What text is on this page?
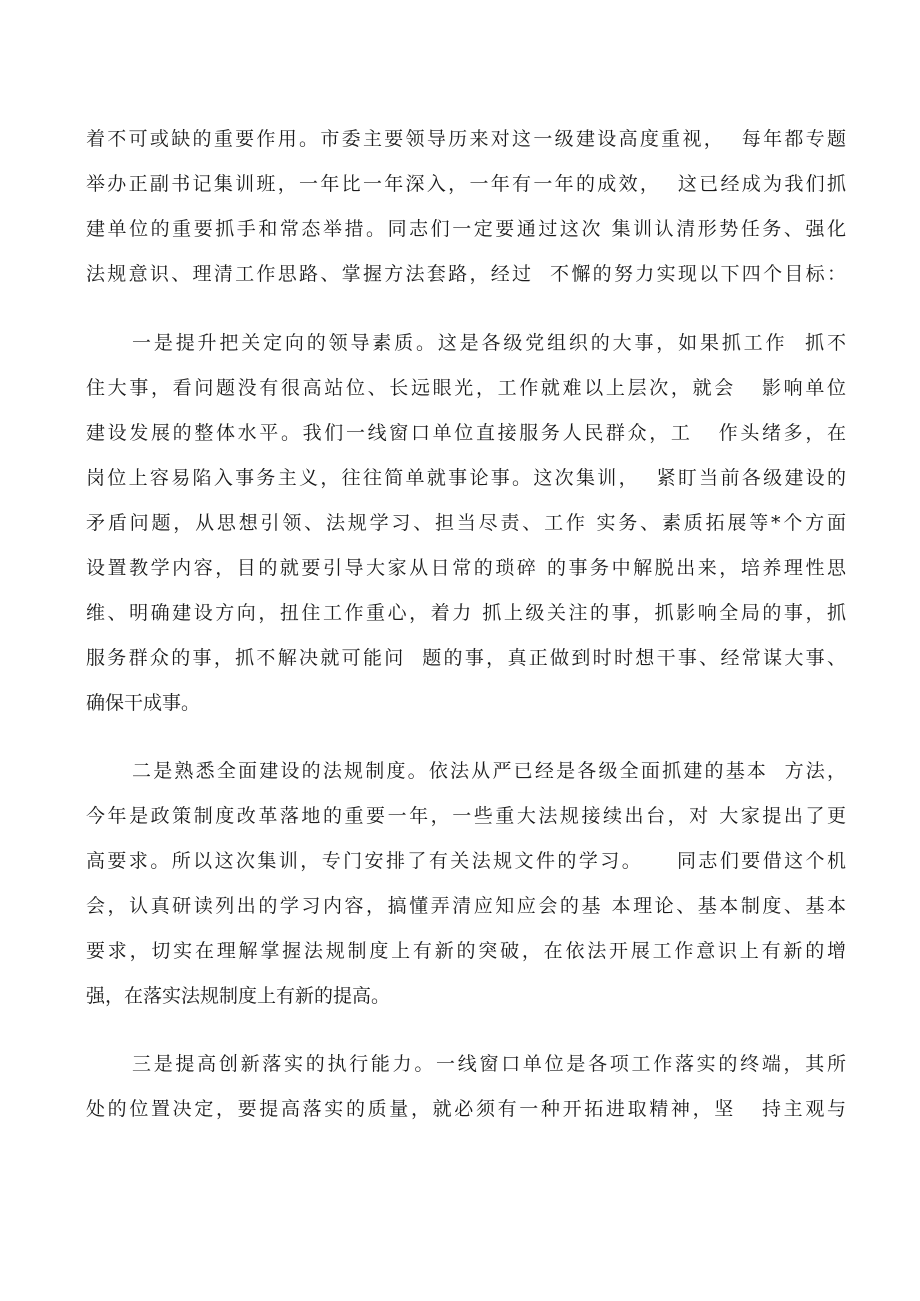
着不可或缺的重要作用。市委主要领导历来对这一级建设高度重视，  每年都专题

举办正副书记集训班，一年比一年深入，一年有一年的成效，  这已经成为我们抓

建单位的重要抓手和常态举措。同志们一定要通过这次 集训认清形势任务、强化

法规意识、理清工作思路、掌握方法套路，经过  不懈的努力实现以下四个目标：

一是提升把关定向的领导素质。这是各级党组织的大事，如果抓工作  抓不

住大事，看问题没有很高站位、长远眼光，工作就难以上层次，就会   影响单位

建设发展的整体水平。我们一线窗口单位直接服务人民群众，工   作头绪多，在

岗位上容易陷入事务主义，往往简单就事论事。这次集训，  紧盯当前各级建设的

矛盾问题，从思想引领、法规学习、担当尽责、工作 实务、素质拓展等*个方面

设置教学内容，目的就要引导大家从日常的琐碎 的事务中解脱出来，培养理性思

维、明确建设方向，扭住工作重心，着力 抓上级关注的事，抓影响全局的事，抓

服务群众的事，抓不解决就可能问  题的事，真正做到时时想干事、经常谋大事、

确保干成事。

二是熟悉全面建设的法规制度。依法从严已经是各级全面抓建的基本  方法，

今年是政策制度改革落地的重要一年，一些重大法规接续出台，对 大家提出了更

高要求。所以这次集训，专门安排了有关法规文件的学习。    同志们要借这个机

会，认真研读列出的学习内容，搞懂弄清应知应会的基 本理论、基本制度、基本

要求，切实在理解掌握法规制度上有新的突破，在依法开展工作意识上有新的增

强，在落实法规制度上有新的提高。

三是提高创新落实的执行能力。一线窗口单位是各项工作落实的终端，其所

处的位置决定，要提高落实的质量，就必须有一种开拓进取精神，坚   持主观与
